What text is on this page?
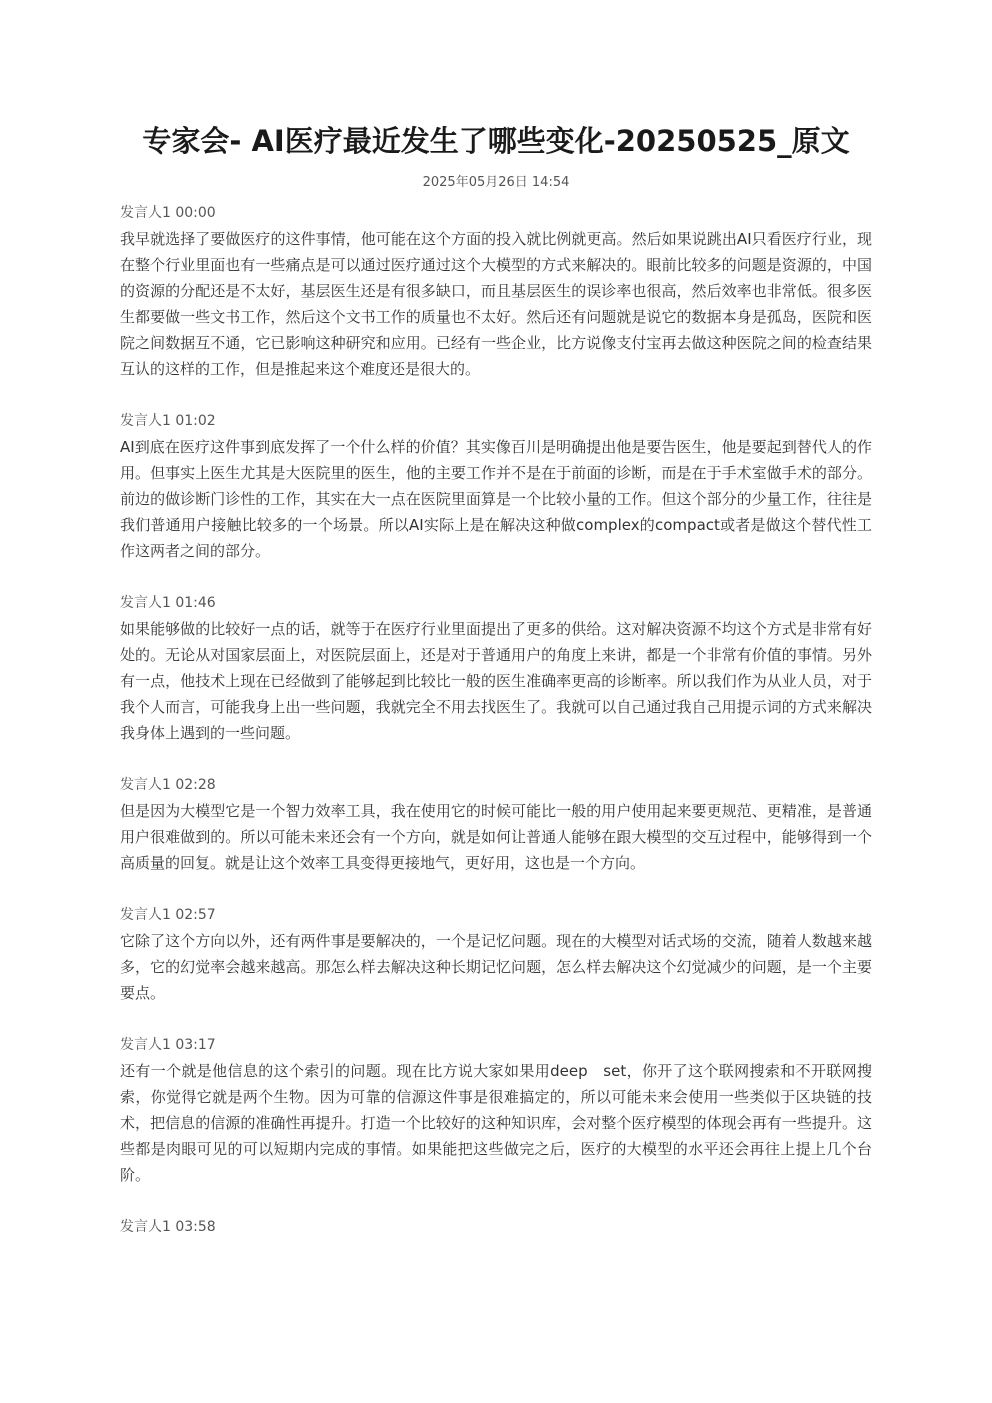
专家会- AI医疗最近发生了哪些变化-20250525_原文
2025年05月26日 14:54
发言人1 00:00

我早就选择了要做医疗的这件事情，他可能在这个方面的投入就比例就更高。然后如果说跳出AI只看医疗行业，现在整个行业里面也有一些痛点是可以通过医疗通过这个大模型的方式来解决的。眼前比较多的问题是资源的，中国的资源的分配还是不太好，基层医生还是有很多缺口，而且基层医生的误诊率也很高，然后效率也非常低。很多医生都要做一些文书工作，然后这个文书工作的质量也不太好。然后还有问题就是说它的数据本身是孤岛，医院和医院之间数据互不通，它已影响这种研究和应用。已经有一些企业，比方说像支付宝再去做这种医院之间的检查结果互认的这样的工作，但是推起来这个难度还是很大的。

发言人1 01:02

AI到底在医疗这件事到底发挥了一个什么样的价值？其实像百川是明确提出他是要告医生，他是要起到替代人的作用。但事实上医生尤其是大医院里的医生，他的主要工作并不是在于前面的诊断，而是在于手术室做手术的部分。前边的做诊断门诊性的工作，其实在大一点在医院里面算是一个比较小量的工作。但这个部分的少量工作，往往是我们普通用户接触比较多的一个场景。所以AI实际上是在解决这种做complex的compact或者是做这个替代性工作这两者之间的部分。

发言人1 01:46

如果能够做的比较好一点的话，就等于在医疗行业里面提出了更多的供给。这对解决资源不均这个方式是非常有好处的。无论从对国家层面上，对医院层面上，还是对于普通用户的角度上来讲，都是一个非常有价值的事情。另外有一点，他技术上现在已经做到了能够起到比较比一般的医生准确率更高的诊断率。所以我们作为从业人员，对于我个人而言，可能我身上出一些问题，我就完全不用去找医生了。我就可以自己通过我自己用提示词的方式来解决我身体上遇到的一些问题。

发言人1 02:28

但是因为大模型它是一个智力效率工具，我在使用它的时候可能比一般的用户使用起来要更规范、更精准，是普通用户很难做到的。所以可能未来还会有一个方向，就是如何让普通人能够在跟大模型的交互过程中，能够得到一个高质量的回复。就是让这个效率工具变得更接地气，更好用，这也是一个方向。

发言人1 02:57

它除了这个方向以外，还有两件事是要解决的，一个是记忆问题。现在的大模型对话式场的交流，随着人数越来越多，它的幻觉率会越来越高。那怎么样去解决这种长期记忆问题，怎么样去解决这个幻觉减少的问题，是一个主要要点。

发言人1 03:17

还有一个就是他信息的这个索引的问题。现在比方说大家如果用deep　set，你开了这个联网搜索和不开联网搜索，你觉得它就是两个生物。因为可靠的信源这件事是很难搞定的，所以可能未来会使用一些类似于区块链的技术，把信息的信源的准确性再提升。打造一个比较好的这种知识库，会对整个医疗模型的体现会再有一些提升。这些都是肉眼可见的可以短期内完成的事情。如果能把这些做完之后，医疗的大模型的水平还会再往上提上几个台阶。

发言人1 03:58
